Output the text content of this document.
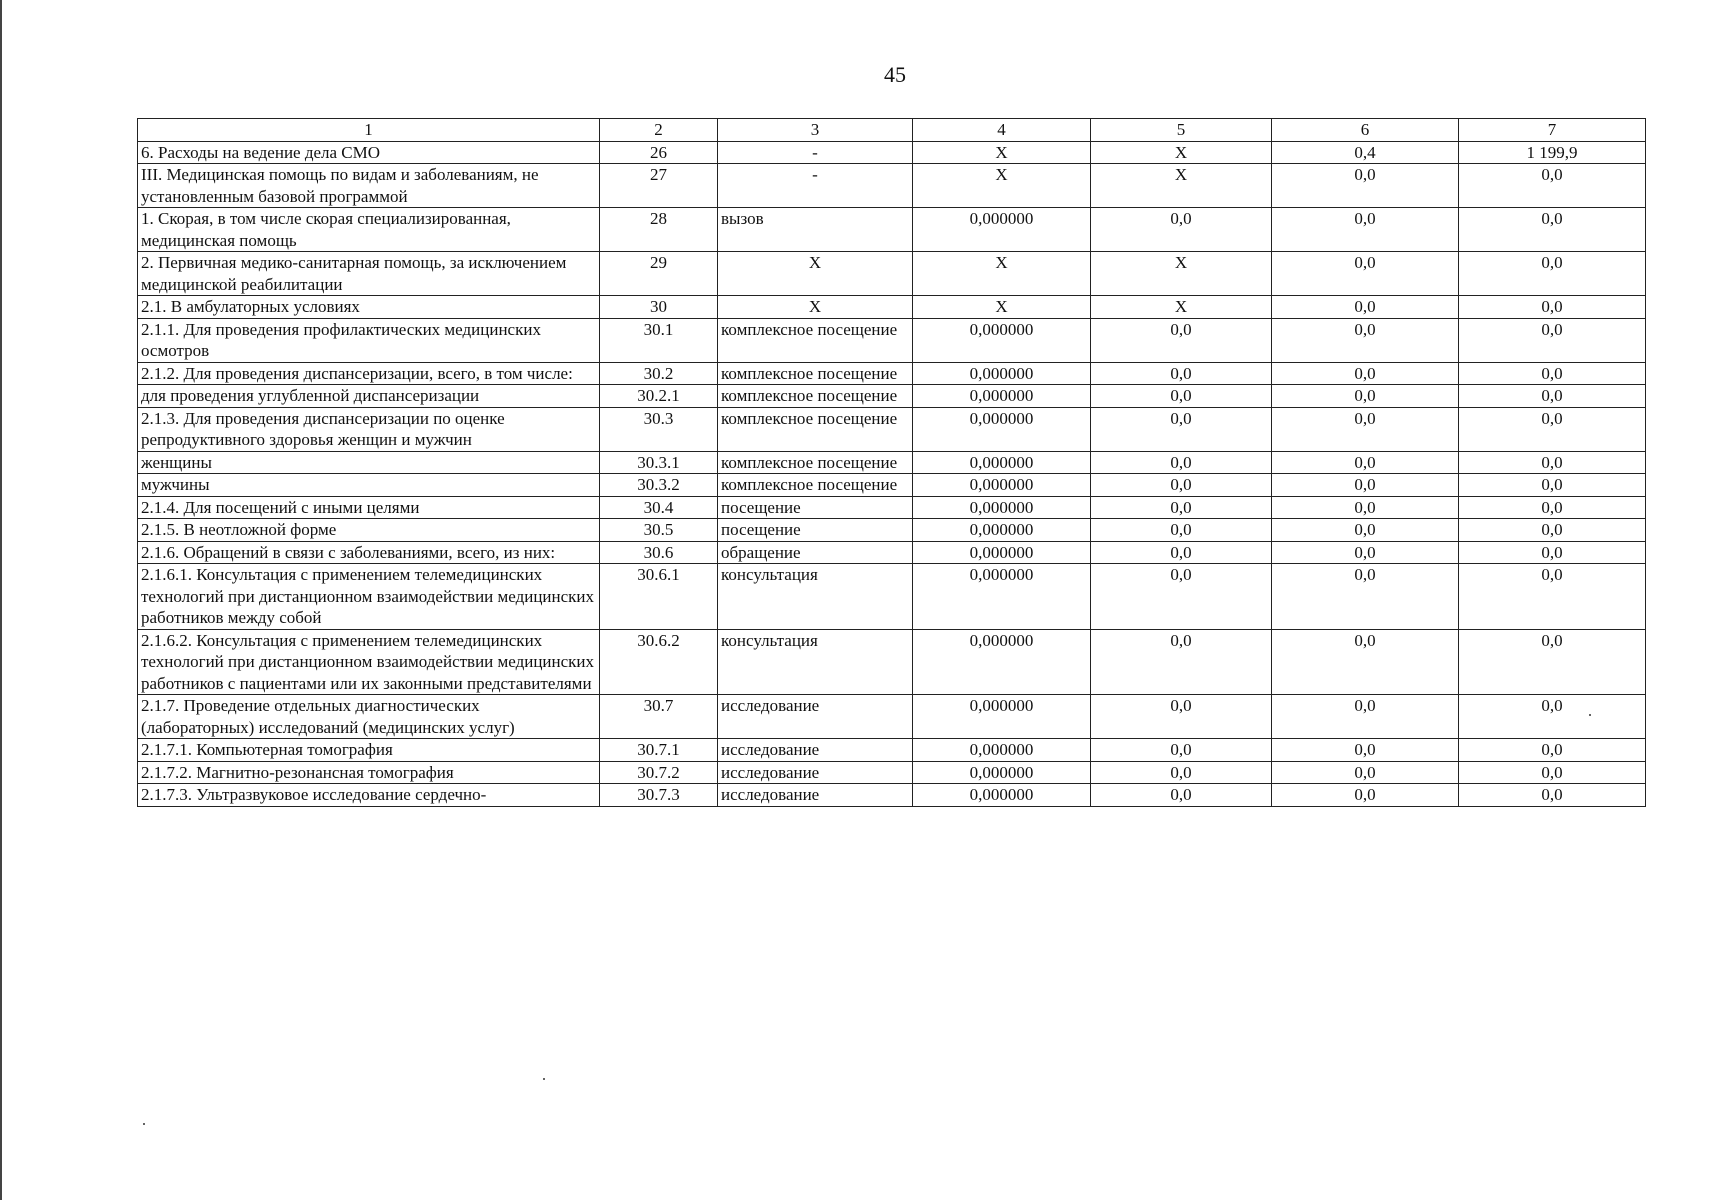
45
1	2	3	4	5	6	7
6. Расходы на ведение дела СМО	26	-	Х	Х	0,4	1 199,9
III. Медицинская помощь по видам и заболеваниям, не установленным базовой программой	27	-	Х	Х	0,0	0,0
1. Скорая, в том числе скорая специализированная, медицинская помощь	28	вызов	0,000000	0,0	0,0	0,0
2. Первичная медико-санитарная помощь, за исключением медицинской реабилитации	29	Х	Х	Х	0,0	0,0
2.1. В амбулаторных условиях	30	Х	Х	Х	0,0	0,0
2.1.1. Для проведения профилактических медицинских осмотров	30.1	комплексное посещение	0,000000	0,0	0,0	0,0
2.1.2. Для проведения диспансеризации, всего, в том числе:	30.2	комплексное посещение	0,000000	0,0	0,0	0,0
для проведения углубленной диспансеризации	30.2.1	комплексное посещение	0,000000	0,0	0,0	0,0
2.1.3. Для проведения диспансеризации по оценке репродуктивного здоровья женщин и мужчин	30.3	комплексное посещение	0,000000	0,0	0,0	0,0
женщины	30.3.1	комплексное посещение	0,000000	0,0	0,0	0,0
мужчины	30.3.2	комплексное посещение	0,000000	0,0	0,0	0,0
2.1.4. Для посещений с иными целями	30.4	посещение	0,000000	0,0	0,0	0,0
2.1.5. В неотложной форме	30.5	посещение	0,000000	0,0	0,0	0,0
2.1.6. Обращений в связи с заболеваниями, всего, из них:	30.6	обращение	0,000000	0,0	0,0	0,0
2.1.6.1. Консультация с применением телемедицинских технологий при дистанционном взаимодействии медицинских работников между собой	30.6.1	консультация	0,000000	0,0	0,0	0,0
2.1.6.2. Консультация с применением телемедицинских технологий при дистанционном взаимодействии медицинских работников с пациентами или их законными представителями	30.6.2	консультация	0,000000	0,0	0,0	0,0
2.1.7. Проведение отдельных диагностических (лабораторных) исследований (медицинских услуг)	30.7	исследование	0,000000	0,0	0,0	0,0
2.1.7.1. Компьютерная томография	30.7.1	исследование	0,000000	0,0	0,0	0,0
2.1.7.2. Магнитно-резонансная томография	30.7.2	исследование	0,000000	0,0	0,0	0,0
2.1.7.3. Ультразвуковое исследование сердечно-	30.7.3	исследование	0,000000	0,0	0,0	0,0
